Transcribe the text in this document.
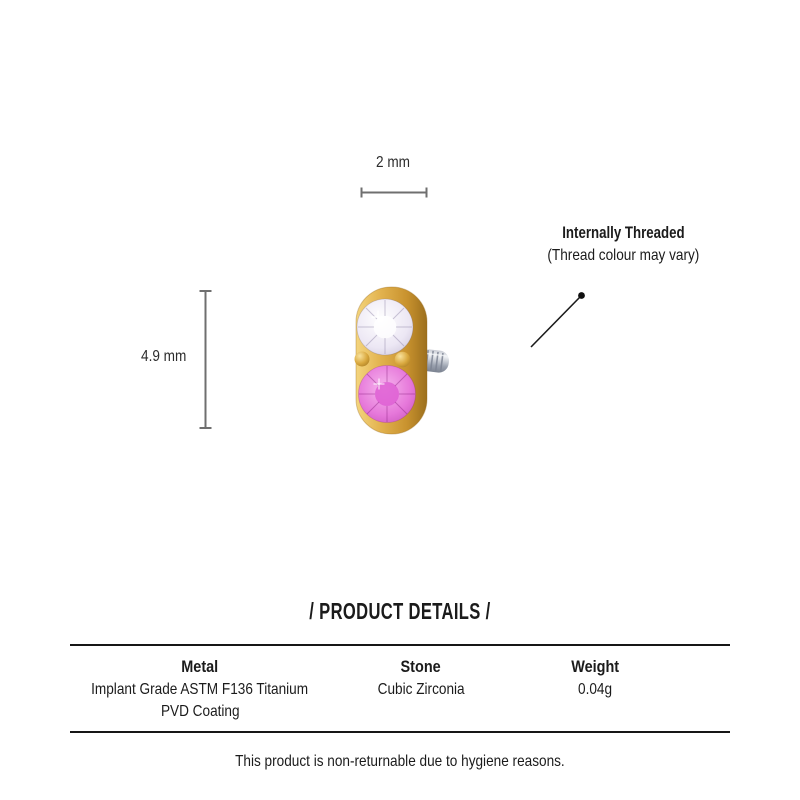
2 mm
4.9 mm
Internally Threaded
(Thread colour may vary)
/ PRODUCT DETAILS /
Metal	Stone	Weight
Implant Grade ASTM F136 Titanium
PVD Coating
Cubic Zirconia	0.04g
This product is non-returnable due to hygiene reasons.
